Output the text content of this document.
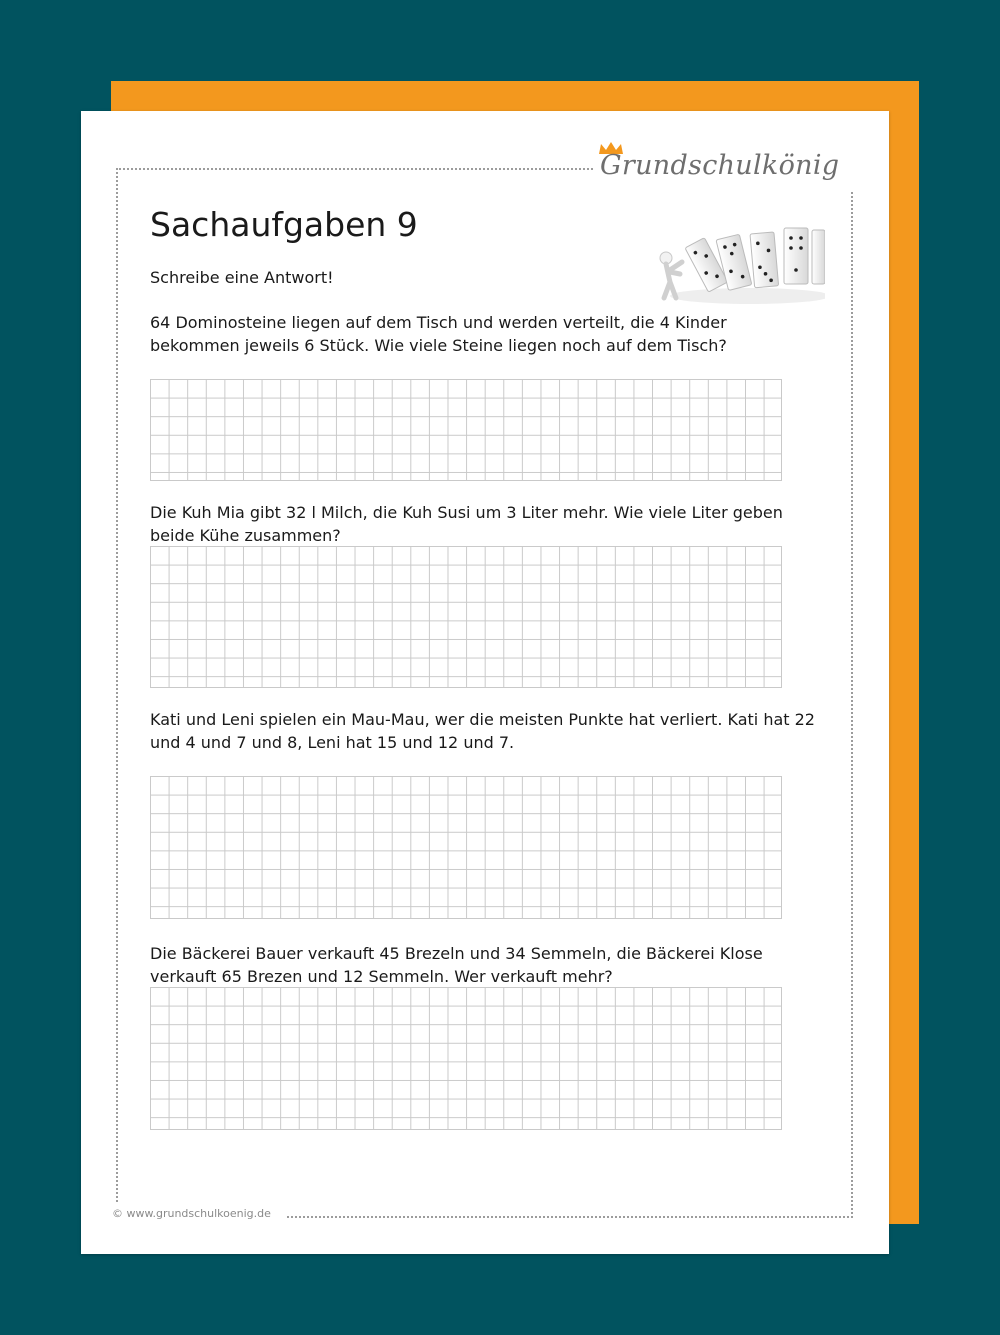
Grundschulkönig
Sachaufgaben 9
Schreibe eine Antwort!

64 Dominosteine liegen auf dem Tisch und werden verteilt, die 4 Kinder bekommen jeweils 6 Stück. Wie viele Steine liegen noch auf dem Tisch?

Die Kuh Mia gibt 32 l Milch, die Kuh Susi um 3 Liter mehr. Wie viele Liter geben beide Kühe zusammen?

Kati und Leni spielen ein Mau-Mau, wer die meisten Punkte hat verliert. Kati hat 22 und 4 und 7 und 8, Leni hat 15 und 12 und 7.

Die Bäckerei Bauer verkauft 45 Brezeln und 34 Semmeln, die Bäckerei Klose verkauft 65 Brezen und 12 Semmeln. Wer verkauft mehr?

© www.grundschulkoenig.de
